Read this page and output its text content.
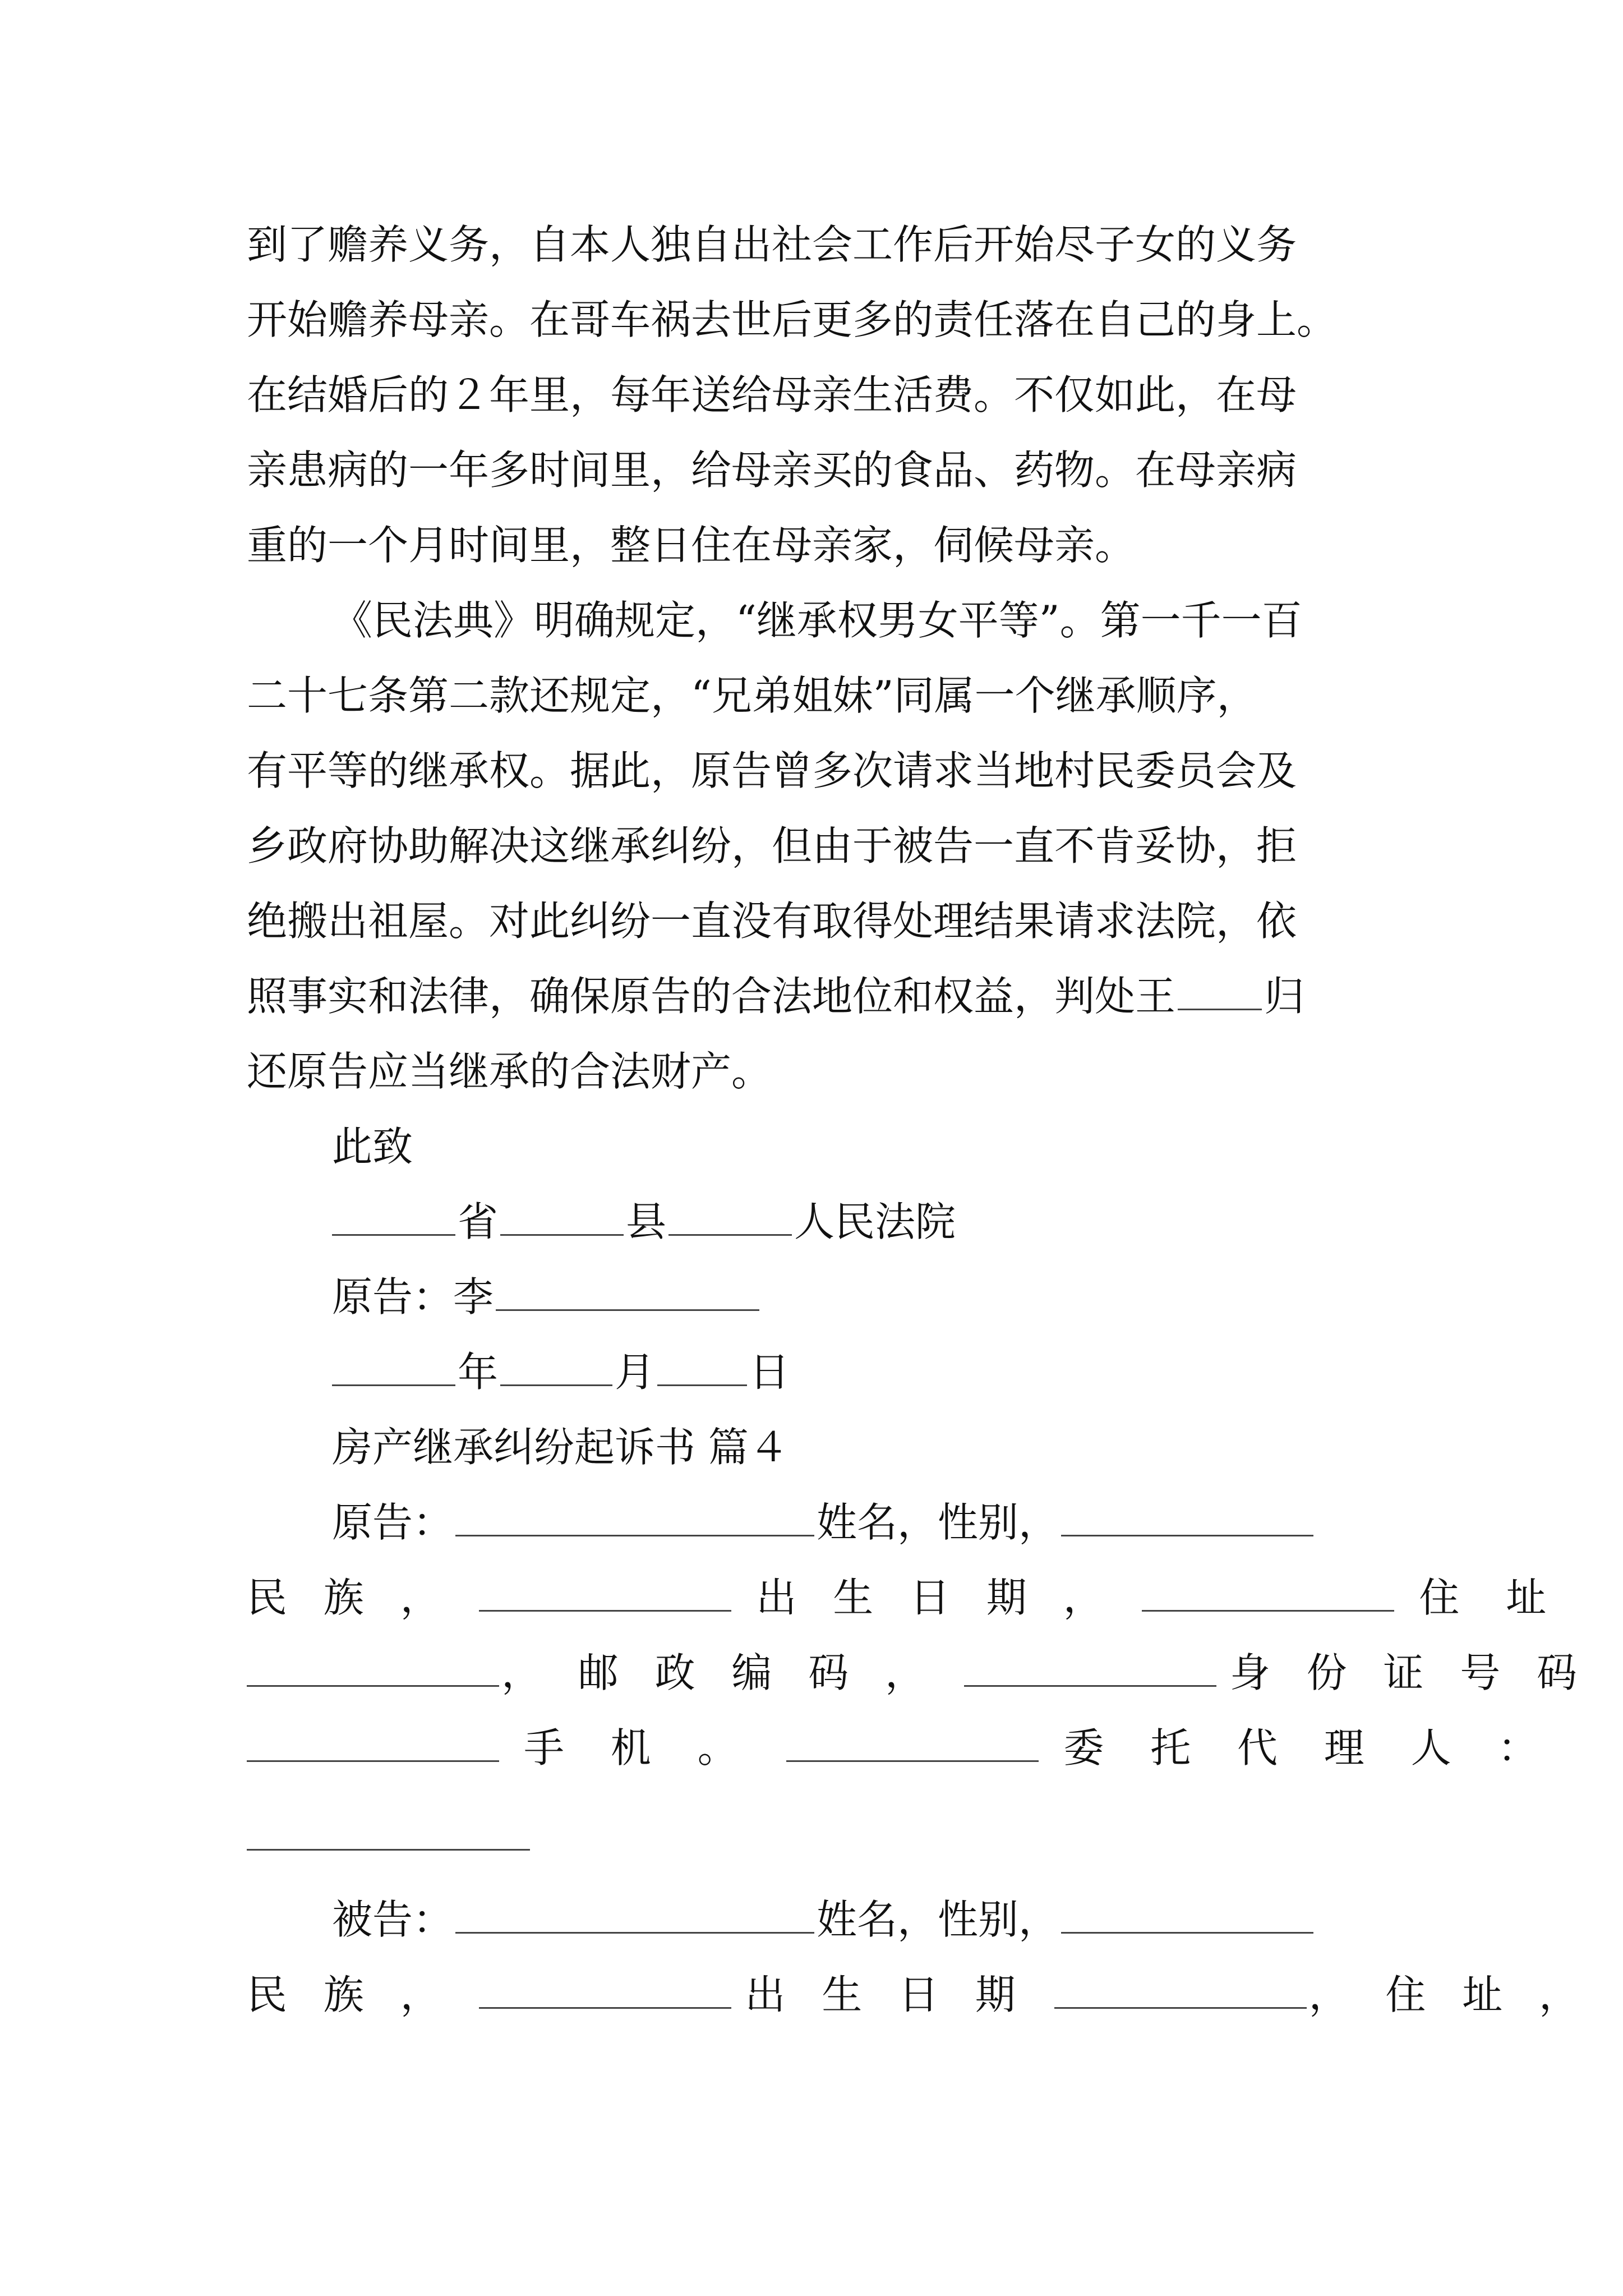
到了赡养义务，自本人独自出社会工作后开始尽子女的义务
开始赡养母亲。在哥车祸去世后更多的责任落在自己的身上。
在结婚后的２年里，每年送给母亲生活费。不仅如此，在母
亲患病的一年多时间里，给母亲买的食品、药物。在母亲病
重的一个月时间里，整日住在母亲家，伺候母亲。
《民法典》明确规定，“继承权男女平等”。第一千一百
二十七条第二款还规定，“兄弟姐妹”同属一个继承顺序，
有平等的继承权。据此，原告曾多次请求当地村民委员会及
乡政府协助解决这继承纠纷，但由于被告一直不肯妥协，拒
绝搬出祖屋。对此纠纷一直没有取得处理结果请求法院，依
照事实和法律，确保原告的合法地位和权益，判处王 归
还原告应当继承的合法财产。
此致
省	县	人民法院
原告：李
年	月 日
房产继承纠纷起诉书 篇４
原告：	姓名，性别，
民族，	出生日期，	住址
，邮政编码，	身份证号码
手机。	委托代理人：
被告：	姓名，性别，
民族，	出生日期	，住址，
